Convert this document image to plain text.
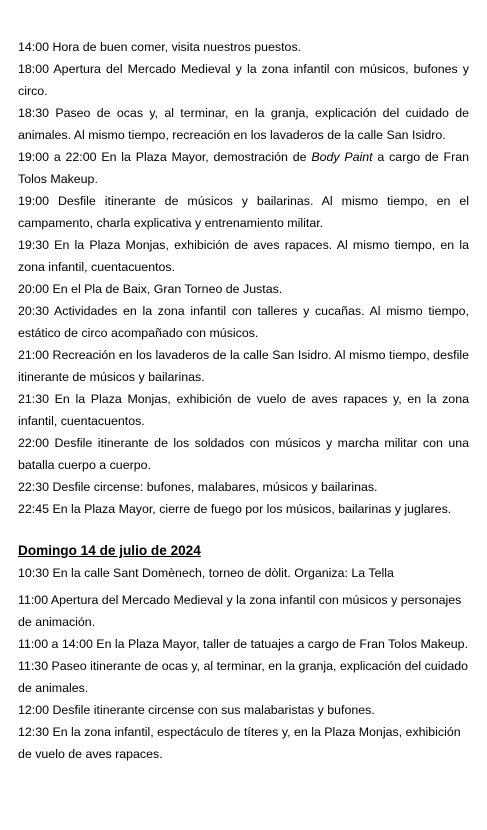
14:00 Hora de buen comer, visita nuestros puestos.

18:00 Apertura del Mercado Medieval y la zona infantil con músicos, bufones y circo.

18:30 Paseo de ocas y, al terminar, en la granja, explicación del cuidado de animales. Al mismo tiempo, recreación en los lavaderos de la calle San Isidro.

19:00 a 22:00 En la Plaza Mayor, demostración de Body Paint a cargo de Fran Tolos Makeup.

19:00 Desfile itinerante de músicos y bailarinas. Al mismo tiempo, en el campamento, charla explicativa y entrenamiento militar.

19:30 En la Plaza Monjas, exhibición de aves rapaces. Al mismo tiempo, en la zona infantil, cuentacuentos.

20:00 En el Pla de Baix, Gran Torneo de Justas.

20:30 Actividades en la zona infantil con talleres y cucañas. Al mismo tiempo, estático de circo acompañado con músicos.

21:00 Recreación en los lavaderos de la calle San Isidro. Al mismo tiempo, desfile itinerante de músicos y bailarinas.

21:30 En la Plaza Monjas, exhibición de vuelo de aves rapaces y, en la zona infantil, cuentacuentos.

22:00 Desfile itinerante de los soldados con músicos y marcha militar con una batalla cuerpo a cuerpo.

22:30 Desfile circense: bufones, malabares, músicos y bailarinas.

22:45 En la Plaza Mayor, cierre de fuego por los músicos, bailarinas y juglares.

Domingo 14 de julio de 2024

10:30 En la calle Sant Domènech, torneo de dòlit. Organiza: La Tella

11:00 Apertura del Mercado Medieval y la zona infantil con músicos y personajes de animación.

11:00 a 14:00 En la Plaza Mayor, taller de tatuajes a cargo de Fran Tolos Makeup.

11:30 Paseo itinerante de ocas y, al terminar, en la granja, explicación del cuidado de animales.

12:00 Desfile itinerante circense con sus malabaristas y bufones.

12:30 En la zona infantil, espectáculo de títeres y, en la Plaza Monjas, exhibición de vuelo de aves rapaces.
